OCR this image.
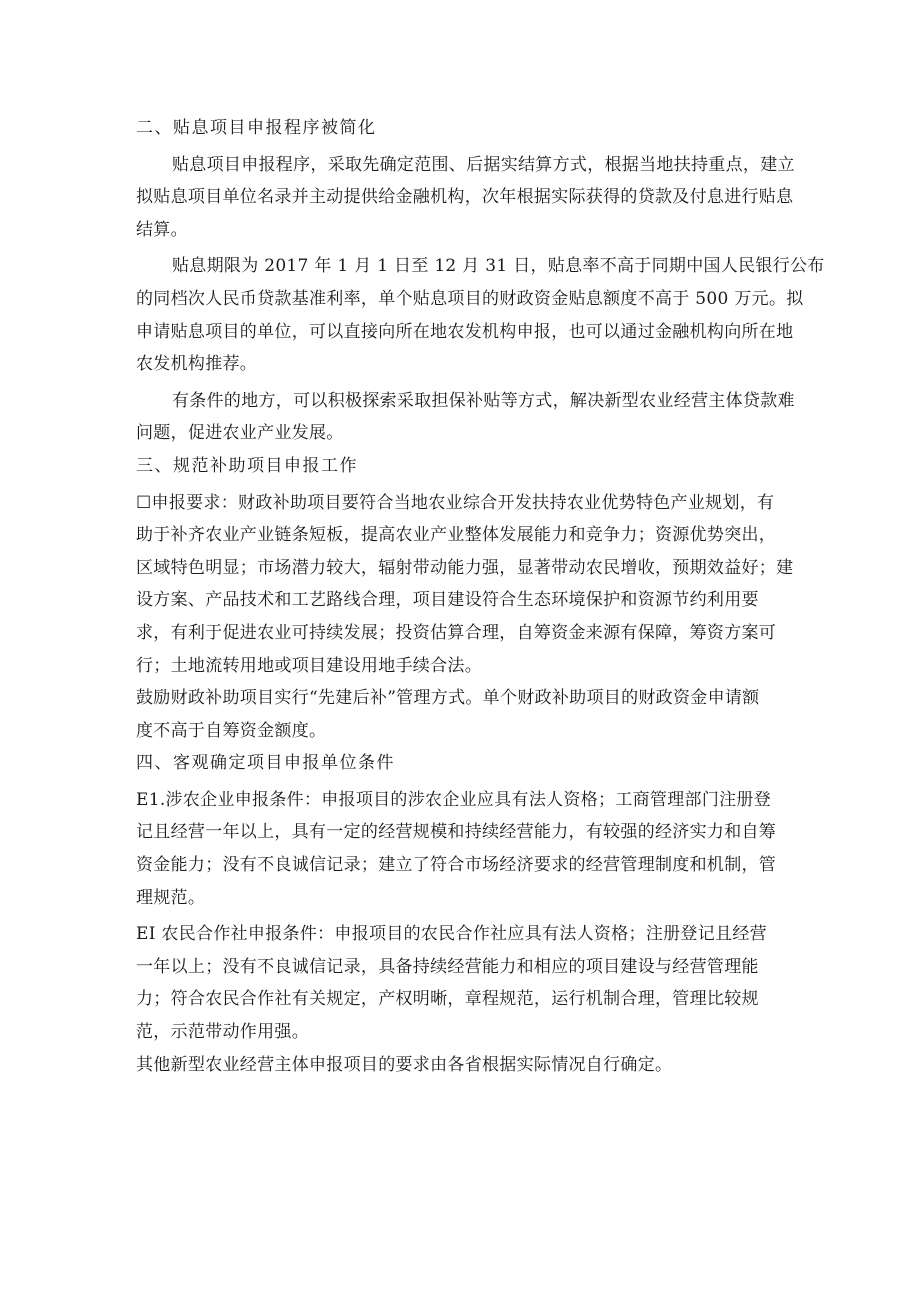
二、贴息项目申报程序被简化
贴息项目申报程序，采取先确定范围、后据实结算方式，根据当地扶持重点，建立
拟贴息项目单位名录并主动提供给金融机构，次年根据实际获得的贷款及付息进行贴息
结算。
贴息期限为 2017 年 1 月 1 日至 12 月 31 日，贴息率不高于同期中国人民银行公布
的同档次人民币贷款基准利率，单个贴息项目的财政资金贴息额度不高于 500 万元。拟
申请贴息项目的单位，可以直接向所在地农发机构申报，也可以通过金融机构向所在地
农发机构推荐。
有条件的地方，可以积极探索采取担保补贴等方式，解决新型农业经营主体贷款难
问题，促进农业产业发展。
三、规范补助项目申报工作
☐申报要求：财政补助项目要符合当地农业综合开发扶持农业优势特色产业规划，有
助于补齐农业产业链条短板，提高农业产业整体发展能力和竞争力；资源优势突出，
区域特色明显；市场潜力较大，辐射带动能力强，显著带动农民增收，预期效益好；建
设方案、产品技术和工艺路线合理，项目建设符合生态环境保护和资源节约利用要
求，有利于促进农业可持续发展；投资估算合理，自筹资金来源有保障，筹资方案可
行；土地流转用地或项目建设用地手续合法。
鼓励财政补助项目实行“先建后补”管理方式。单个财政补助项目的财政资金申请额
度不高于自筹资金额度。
四、客观确定项目申报单位条件
E1.涉农企业申报条件：申报项目的涉农企业应具有法人资格；工商管理部门注册登
记且经营一年以上，具有一定的经营规模和持续经营能力，有较强的经济实力和自筹
资金能力；没有不良诚信记录；建立了符合市场经济要求的经营管理制度和机制，管
理规范。
EI 农民合作社申报条件：申报项目的农民合作社应具有法人资格；注册登记且经营
一年以上；没有不良诚信记录，具备持续经营能力和相应的项目建设与经营管理能
力；符合农民合作社有关规定，产权明晰，章程规范，运行机制合理，管理比较规
范，示范带动作用强。
其他新型农业经营主体申报项目的要求由各省根据实际情况自行确定。
